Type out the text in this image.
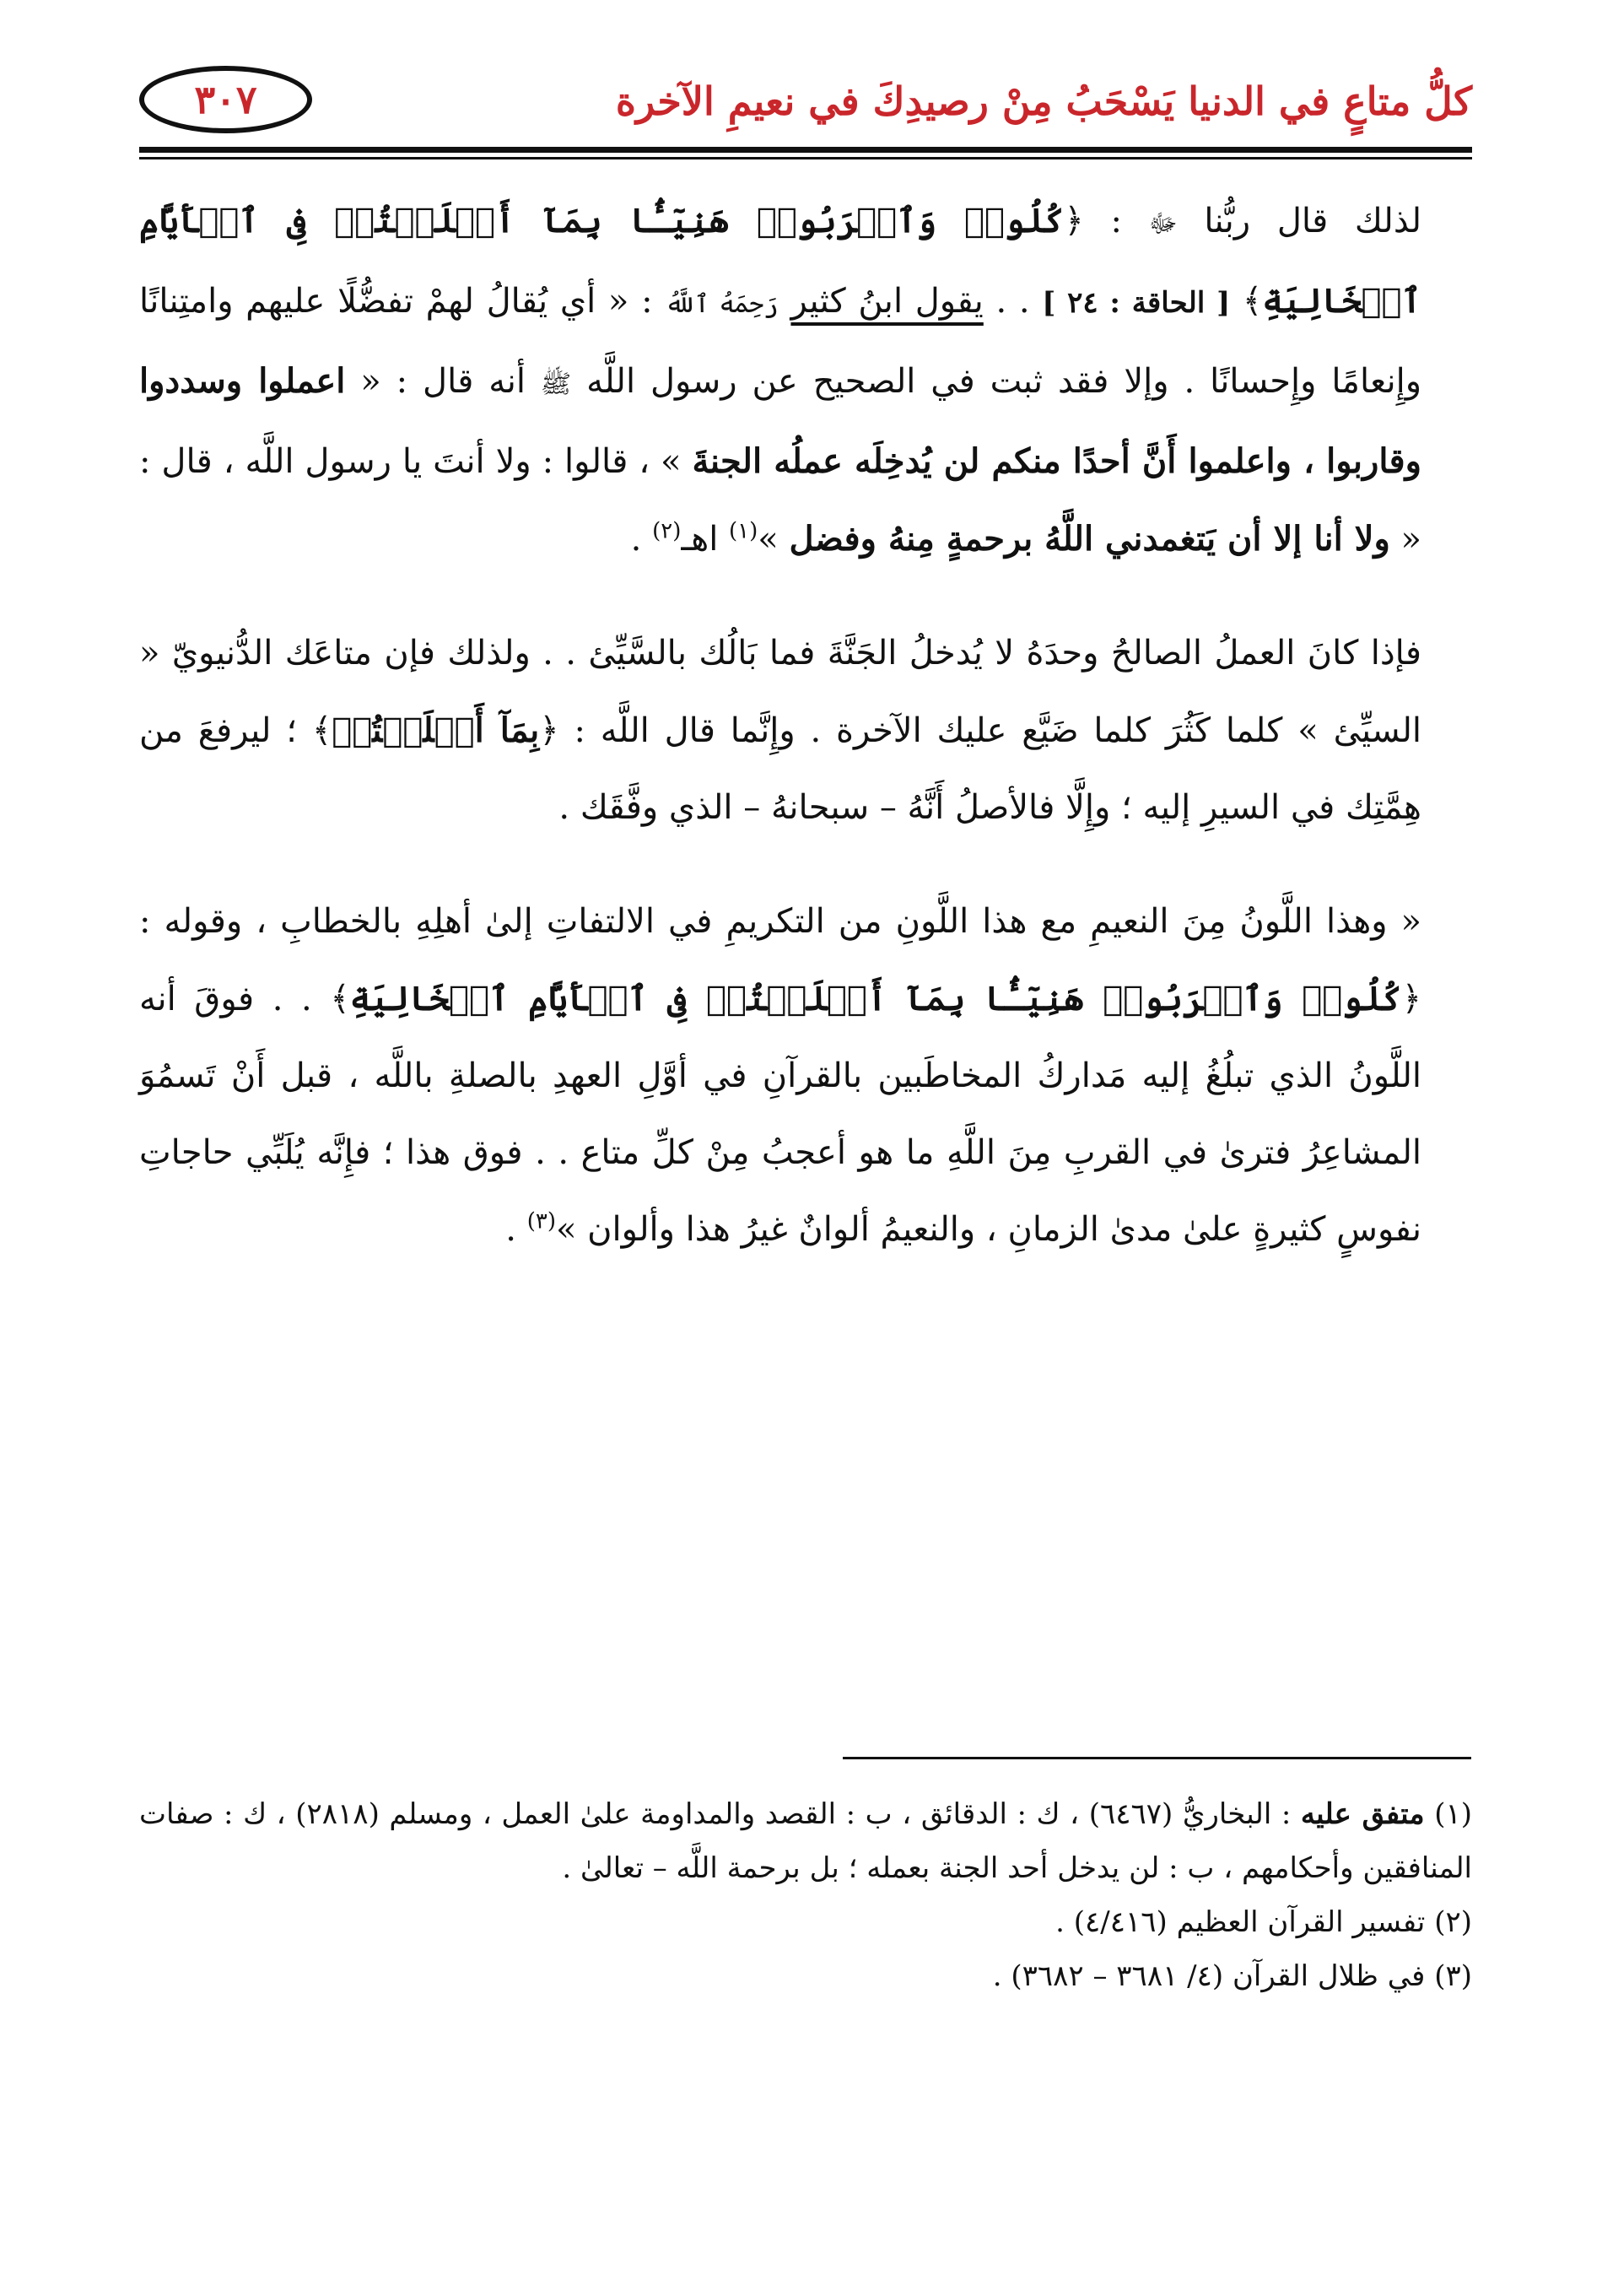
كلُّ متاعٍ في الدنيا يَسْحَبُ مِنْ رصيدِكَ في نعيمِ الآخرة
٣٠٧

لذلك قال ربُّنا ﷻ : ﴿كُلُوا۟ وَٱشۡرَبُوا۟ هَنِيٓـَٔۢا بِمَآ أَسۡلَفۡتُمۡ فِى ٱلۡأَيَّامِ ٱلۡخَالِيَةِ﴾ [ الحاقة : ٢٤ ] . . يقول ابنُ كثير رَحِمَهُ ٱللَّهُ : « أي يُقالُ لهمْ تفضُّلًا عليهم وامتِنانًا وإِنعامًا وإِحسانًا . وإلا فقد ثبت في الصحيح عن رسول اللَّه ﷺ أنه قال : « اعملوا وسددوا وقاربوا ، واعلموا أَنَّ أحدًا منكم لن يُدخِلَه عملُه الجنةَ » ، قالوا : ولا أنتَ يا رسول اللَّه ، قال : « ولا أنا إلا أن يَتغمدني اللَّهُ برحمةٍ مِنهُ وفضل »$^{(١)}$ اهـ$^{(٢)}$ .

فإذا كانَ العملُ الصالحُ وحدَهُ لا يُدخلُ الجَنَّةَ فما بَالُك بالسَّيِّئ . . ولذلك فإن متاعَك الدُّنيويّ « السيِّئ » كلما كَثُرَ كلما ضَيَّع عليك الآخرة . وإِنَّما قال اللَّه : ﴿بِمَآ أَسۡلَفۡتُمۡ﴾ ؛ ليرفعَ من هِمَّتِك في السيرِ إليه ؛ وإِلَّا فالأصلُ أَنَّهُ – سبحانهُ – الذي وفَّقَك .

« وهذا اللَّونُ مِنَ النعيمِ مع هذا اللَّونِ من التكريمِ في الالتفاتِ إلىٰ أهلِهِ بالخطابِ ، وقوله : ﴿كُلُوا۟ وَٱشۡرَبُوا۟ هَنِيٓـَٔۢا بِمَآ أَسۡلَفۡتُمۡ فِى ٱلۡأَيَّامِ ٱلۡخَالِيَةِ﴾ . . فوقَ أنه اللَّونُ الذي تبلُغُ إليه مَداركُ المخاطَبين بالقرآنِ في أوَّلِ العهدِ بالصلةِ باللَّه ، قبل أَنْ تَسمُوَ المشاعِرُ فترىٰ في القربِ مِنَ اللَّهِ ما هو أعجبُ مِنْ كلِّ متاع . . فوق هذا ؛ فإِنَّه يُلَبِّي حاجاتِ نفوسٍ كثيرةٍ علىٰ مدىٰ الزمانِ ، والنعيمُ ألوانٌ غيرُ هذا وألوان »$^{(٣)}$ .

(١) متفق عليه : البخاريُّ (٦٤٦٧) ، ك : الدقائق ، ب : القصد والمداومة علىٰ العمل ، ومسلم (٢٨١٨) ، ك : صفات المنافقين وأحكامهم ، ب : لن يدخل أحد الجنة بعمله ؛ بل برحمة اللَّه – تعالىٰ .

(٢) تفسير القرآن العظيم (٤/٤١٦) .

(٣) في ظلال القرآن (٤/ ٣٦٨١ – ٣٦٨٢) .
